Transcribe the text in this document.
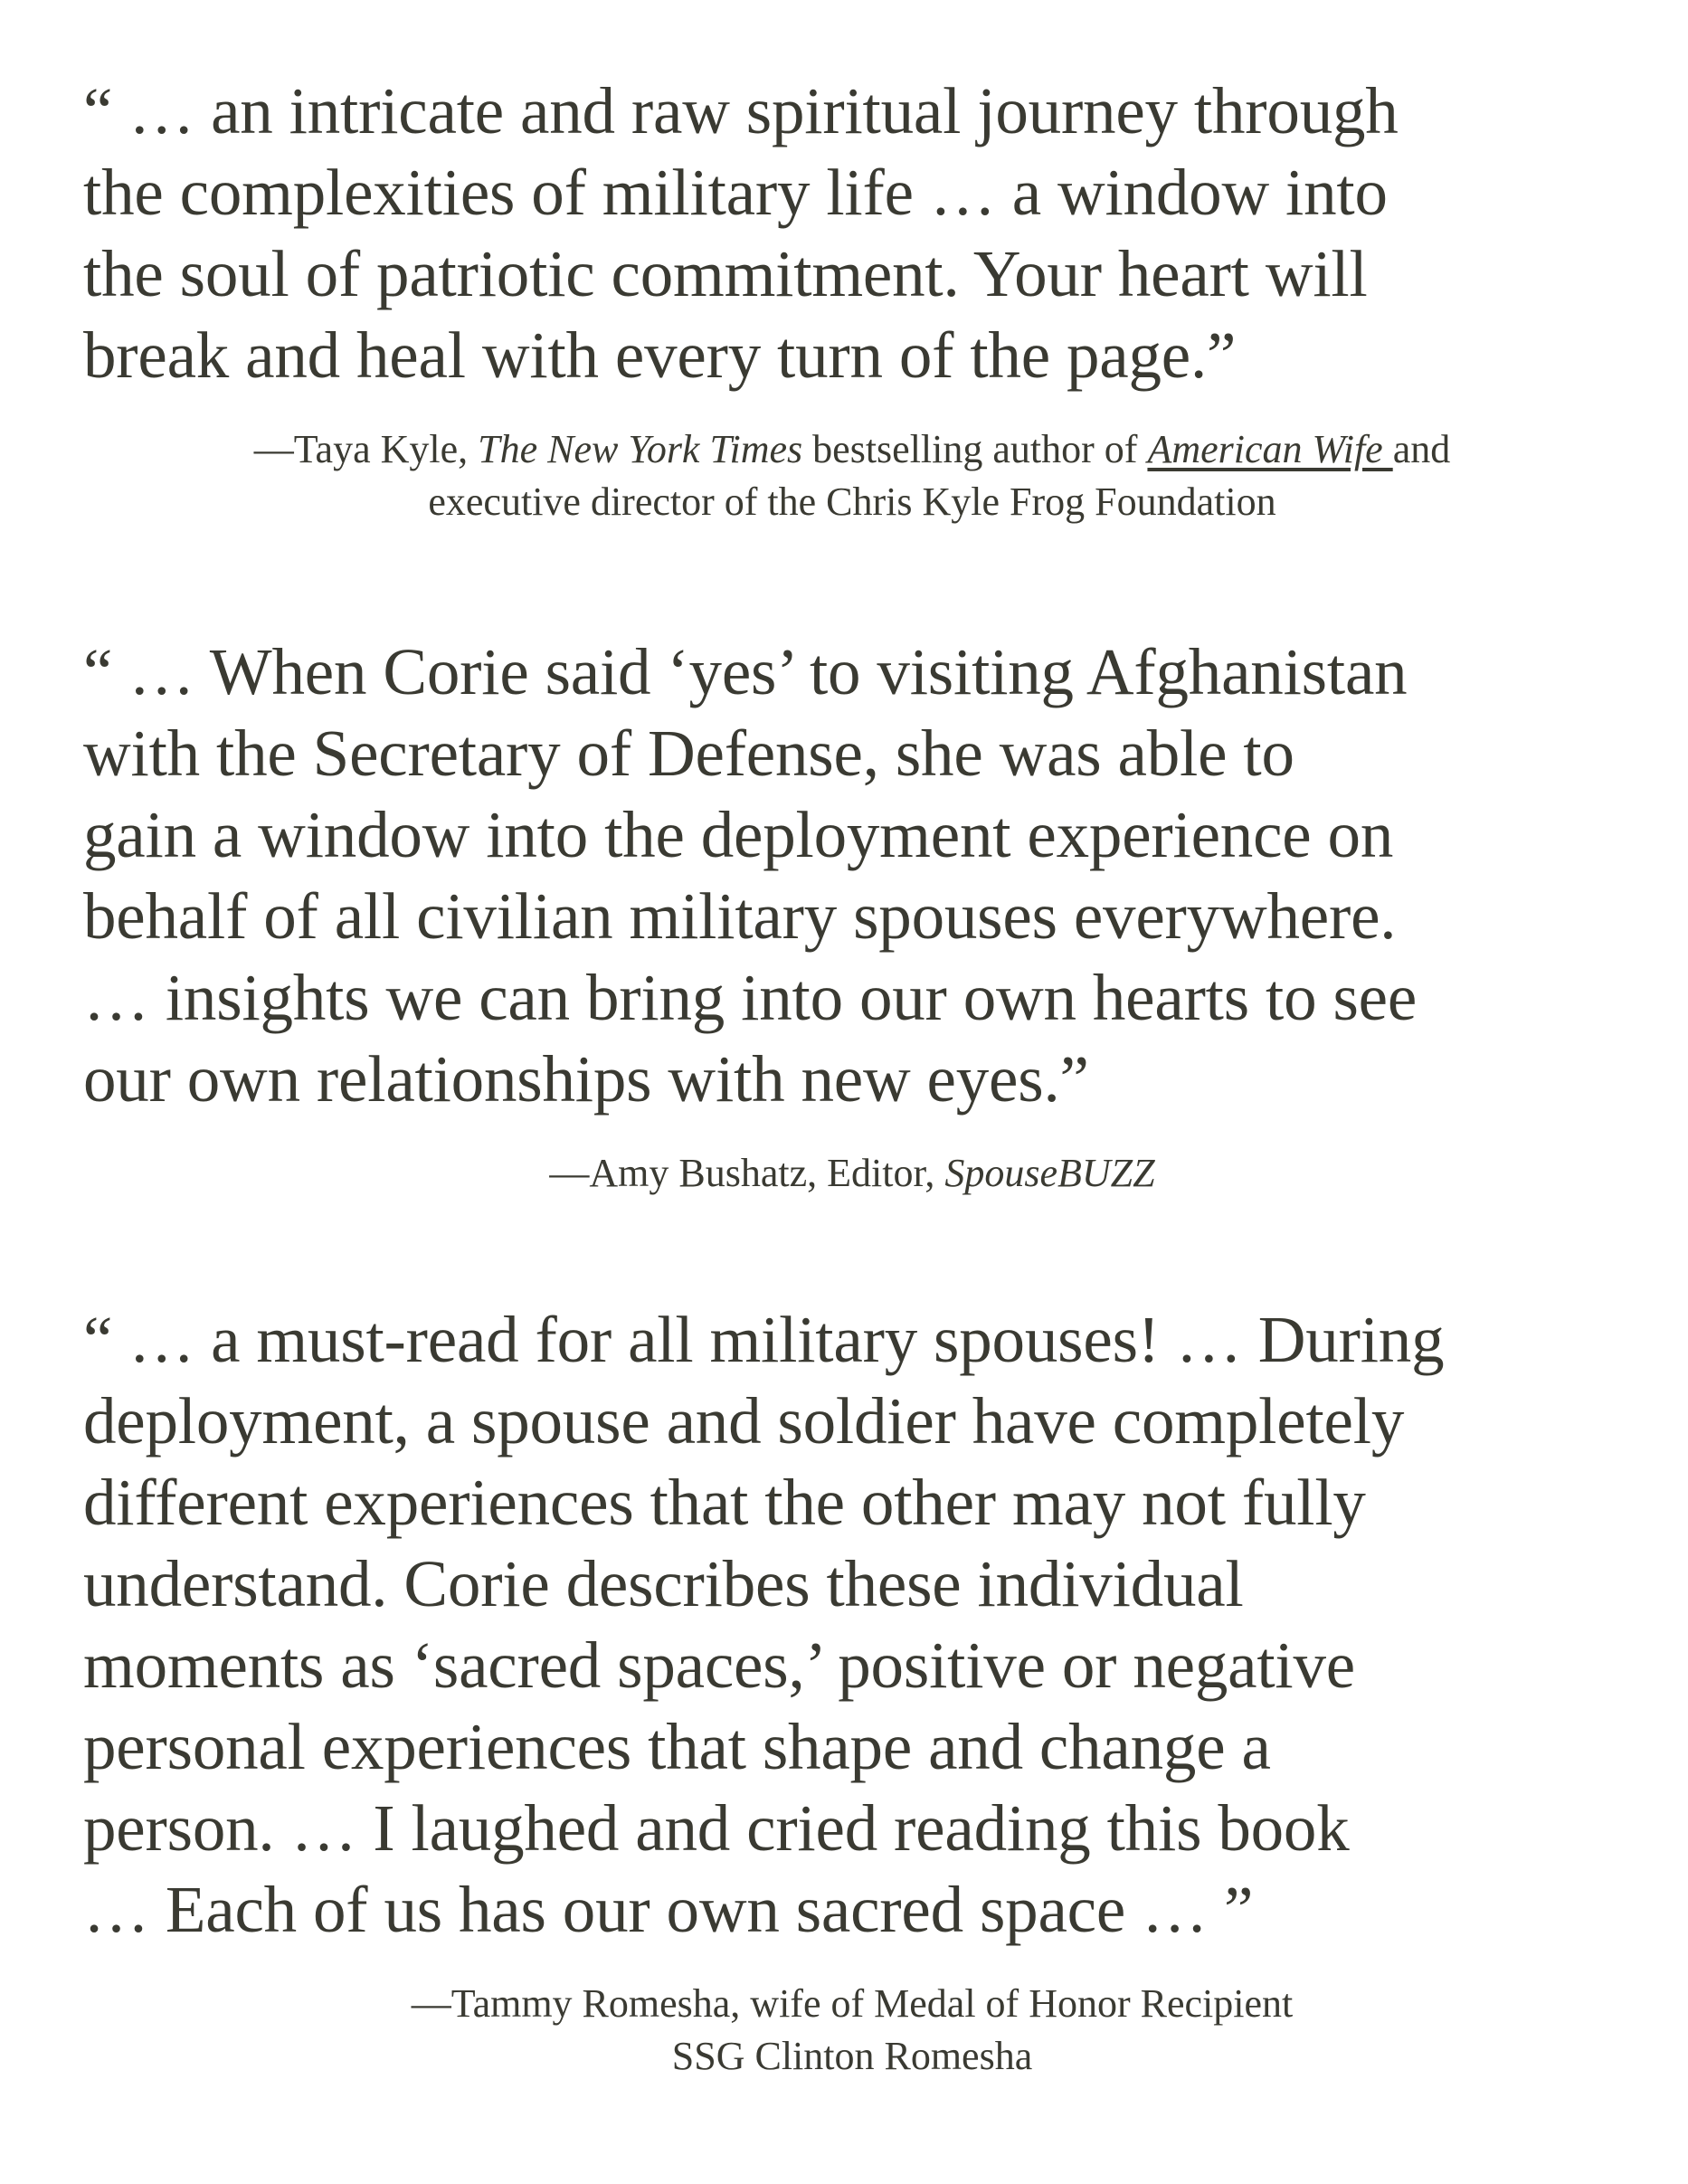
“ … an intricate and raw spiritual journey through
the complexities of military life … a window into
the soul of patriotic commitment. Your heart will
break and heal with every turn of the page.”

—Taya Kyle, The New York Times bestselling author of American Wife and
executive director of the Chris Kyle Frog Foundation

“ … When Corie said ‘yes’ to visiting Afghanistan
with the Secretary of Defense, she was able to
gain a window into the deployment experience on
behalf of all civilian military spouses everywhere.
… insights we can bring into our own hearts to see
our own relationships with new eyes.”

—Amy Bushatz, Editor, SpouseBUZZ

“ … a must-read for all military spouses! … During
deployment, a spouse and soldier have completely
different experiences that the other may not fully
understand. Corie describes these individual
moments as ‘sacred spaces,’ positive or negative
personal experiences that shape and change a
person. … I laughed and cried reading this book
… Each of us has our own sacred space … ”

—Tammy Romesha, wife of Medal of Honor Recipient
SSG Clinton Romesha
